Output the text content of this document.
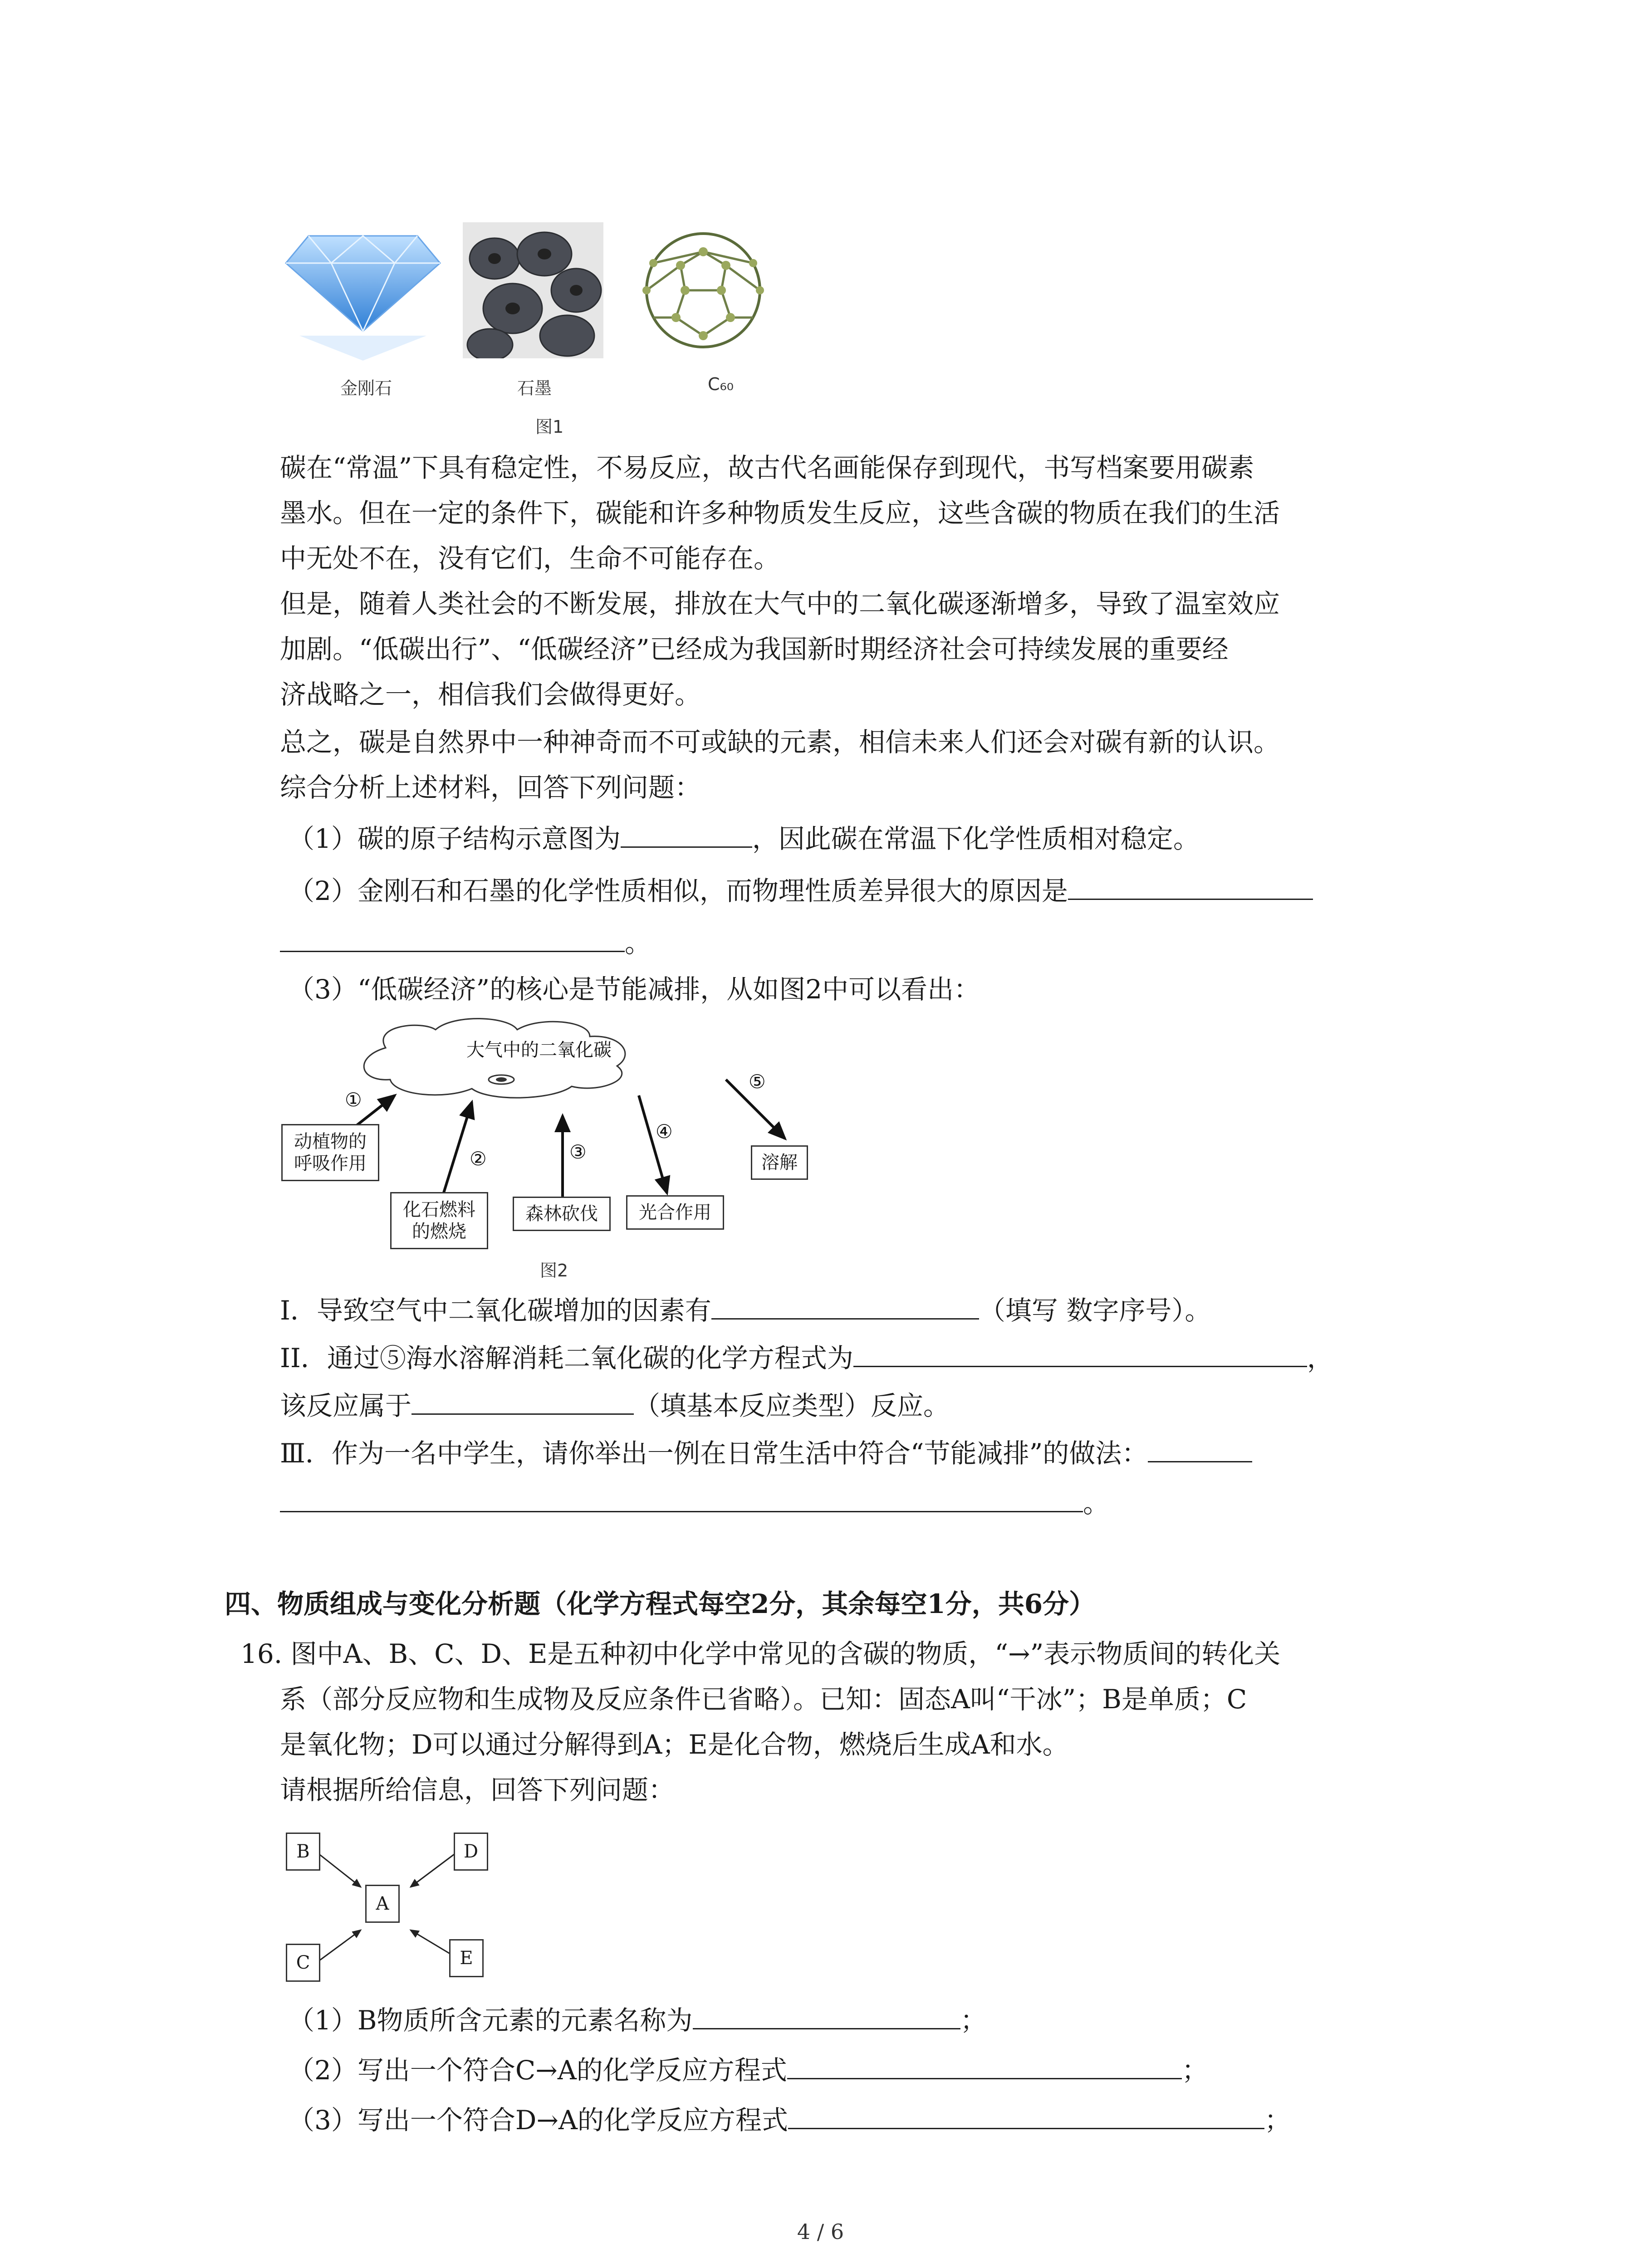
金刚石	石墨	C₆₀
图1
碳在“常温”下具有稳定性，不易反应，故古代名画能保存到现代，书写档案要用碳素
墨水。但在一定的条件下，碳能和许多种物质发生反应，这些含碳的物质在我们的生活
中无处不在，没有它们，生命不可能存在。
但是，随着人类社会的不断发展，排放在大气中的二氧化碳逐渐增多，导致了温室效应
加剧。“低碳出行”、“低碳经济”已经成为我国新时期经济社会可持续发展的重要经
济战略之一，相信我们会做得更好。
总之，碳是自然界中一种神奇而不可或缺的元素，相信未来人们还会对碳有新的认识。
综合分析上述材料，回答下列问题：
（1）碳的原子结构示意图为	，因此碳在常温下化学性质相对稳定。
（2）金刚石和石墨的化学性质相似，而物理性质差异很大的原因是
。
（3）“低碳经济”的核心是节能减排，从如图2中可以看出：
大气中的二氧化碳
①
②	③
④
⑤
动植物的
呼吸作用
化石燃料
的燃烧
森林砍伐	光合作用
溶解
图2
I．导致空气中二氧化碳增加的因素有	（填写 数字序号）。
II．通过⑤海水溶解消耗二氧化碳的化学方程式为	，
该反应属于	（填基本反应类型）反应。
Ⅲ．作为一名中学生，请你举出一例在日常生活中符合“节能减排”的做法：
。
四、物质组成与变化分析题（化学方程式每空2分，其余每空1分，共6分）
16. 图中A、B、C、D、E是五种初中化学中常见的含碳的物质，“→”表示物质间的转化关
系（部分反应物和生成物及反应条件已省略）。已知：固态A叫“干冰”；B是单质；C
是氧化物；D可以通过分解得到A；E是化合物，燃烧后生成A和水。
请根据所给信息，回答下列问题：
A
B
C
D
E
（1）B物质所含元素的元素名称为	；
（2）写出一个符合C→A的化学反应方程式	；
（3）写出一个符合D→A的化学反应方程式	；
4 / 6
